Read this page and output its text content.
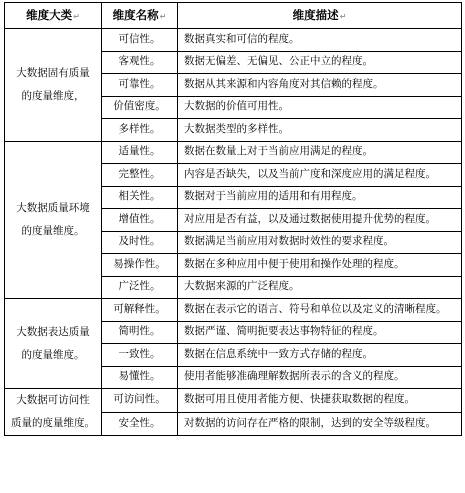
维度大类↵	维度名称↵	维度描述↵

大数据固有质量
的度量维度，	可信性。	数据真实和可信的程度。
	客观性。	数据无偏差、无偏见、公正中立的程度。
	可靠性。	数据从其来源和内容角度对其信赖的程度。
	价值密度。	大数据的价值可用性。
	多样性。	大数据类型的多样性。

大数据质量环境
的度量维度。	适量性。	数据在数量上对于当前应用满足的程度。
	完整性。	内容是否缺失，以及当前广度和深度应用的满足程度。
	相关性。	数据对于当前应用的适用和有用程度。
	增值性。	对应用是否有益，以及通过数据使用提升优势的程度。
	及时性。	数据满足当前应用对数据时效性的要求程度。
	易操作性。	数据在多种应用中便于使用和操作处理的程度。
	广泛性。	大数据来源的广泛程度。

大数据表达质量
的度量维度。	可解释性。	数据在表示它的语言、符号和单位以及定义的清晰程度。
	简明性。	数据严谨、简明扼要表达事物特征的程度。
	一致性。	数据在信息系统中一致方式存储的程度。
	易懂性。	使用者能够准确理解数据所表示的含义的程度。

大数据可访问性
质量的度量维度。	可访问性。	数据可用且使用者能方便、快捷获取数据的程度。
	安全性。	对数据的访问存在严格的限制，达到的安全等级程度。
